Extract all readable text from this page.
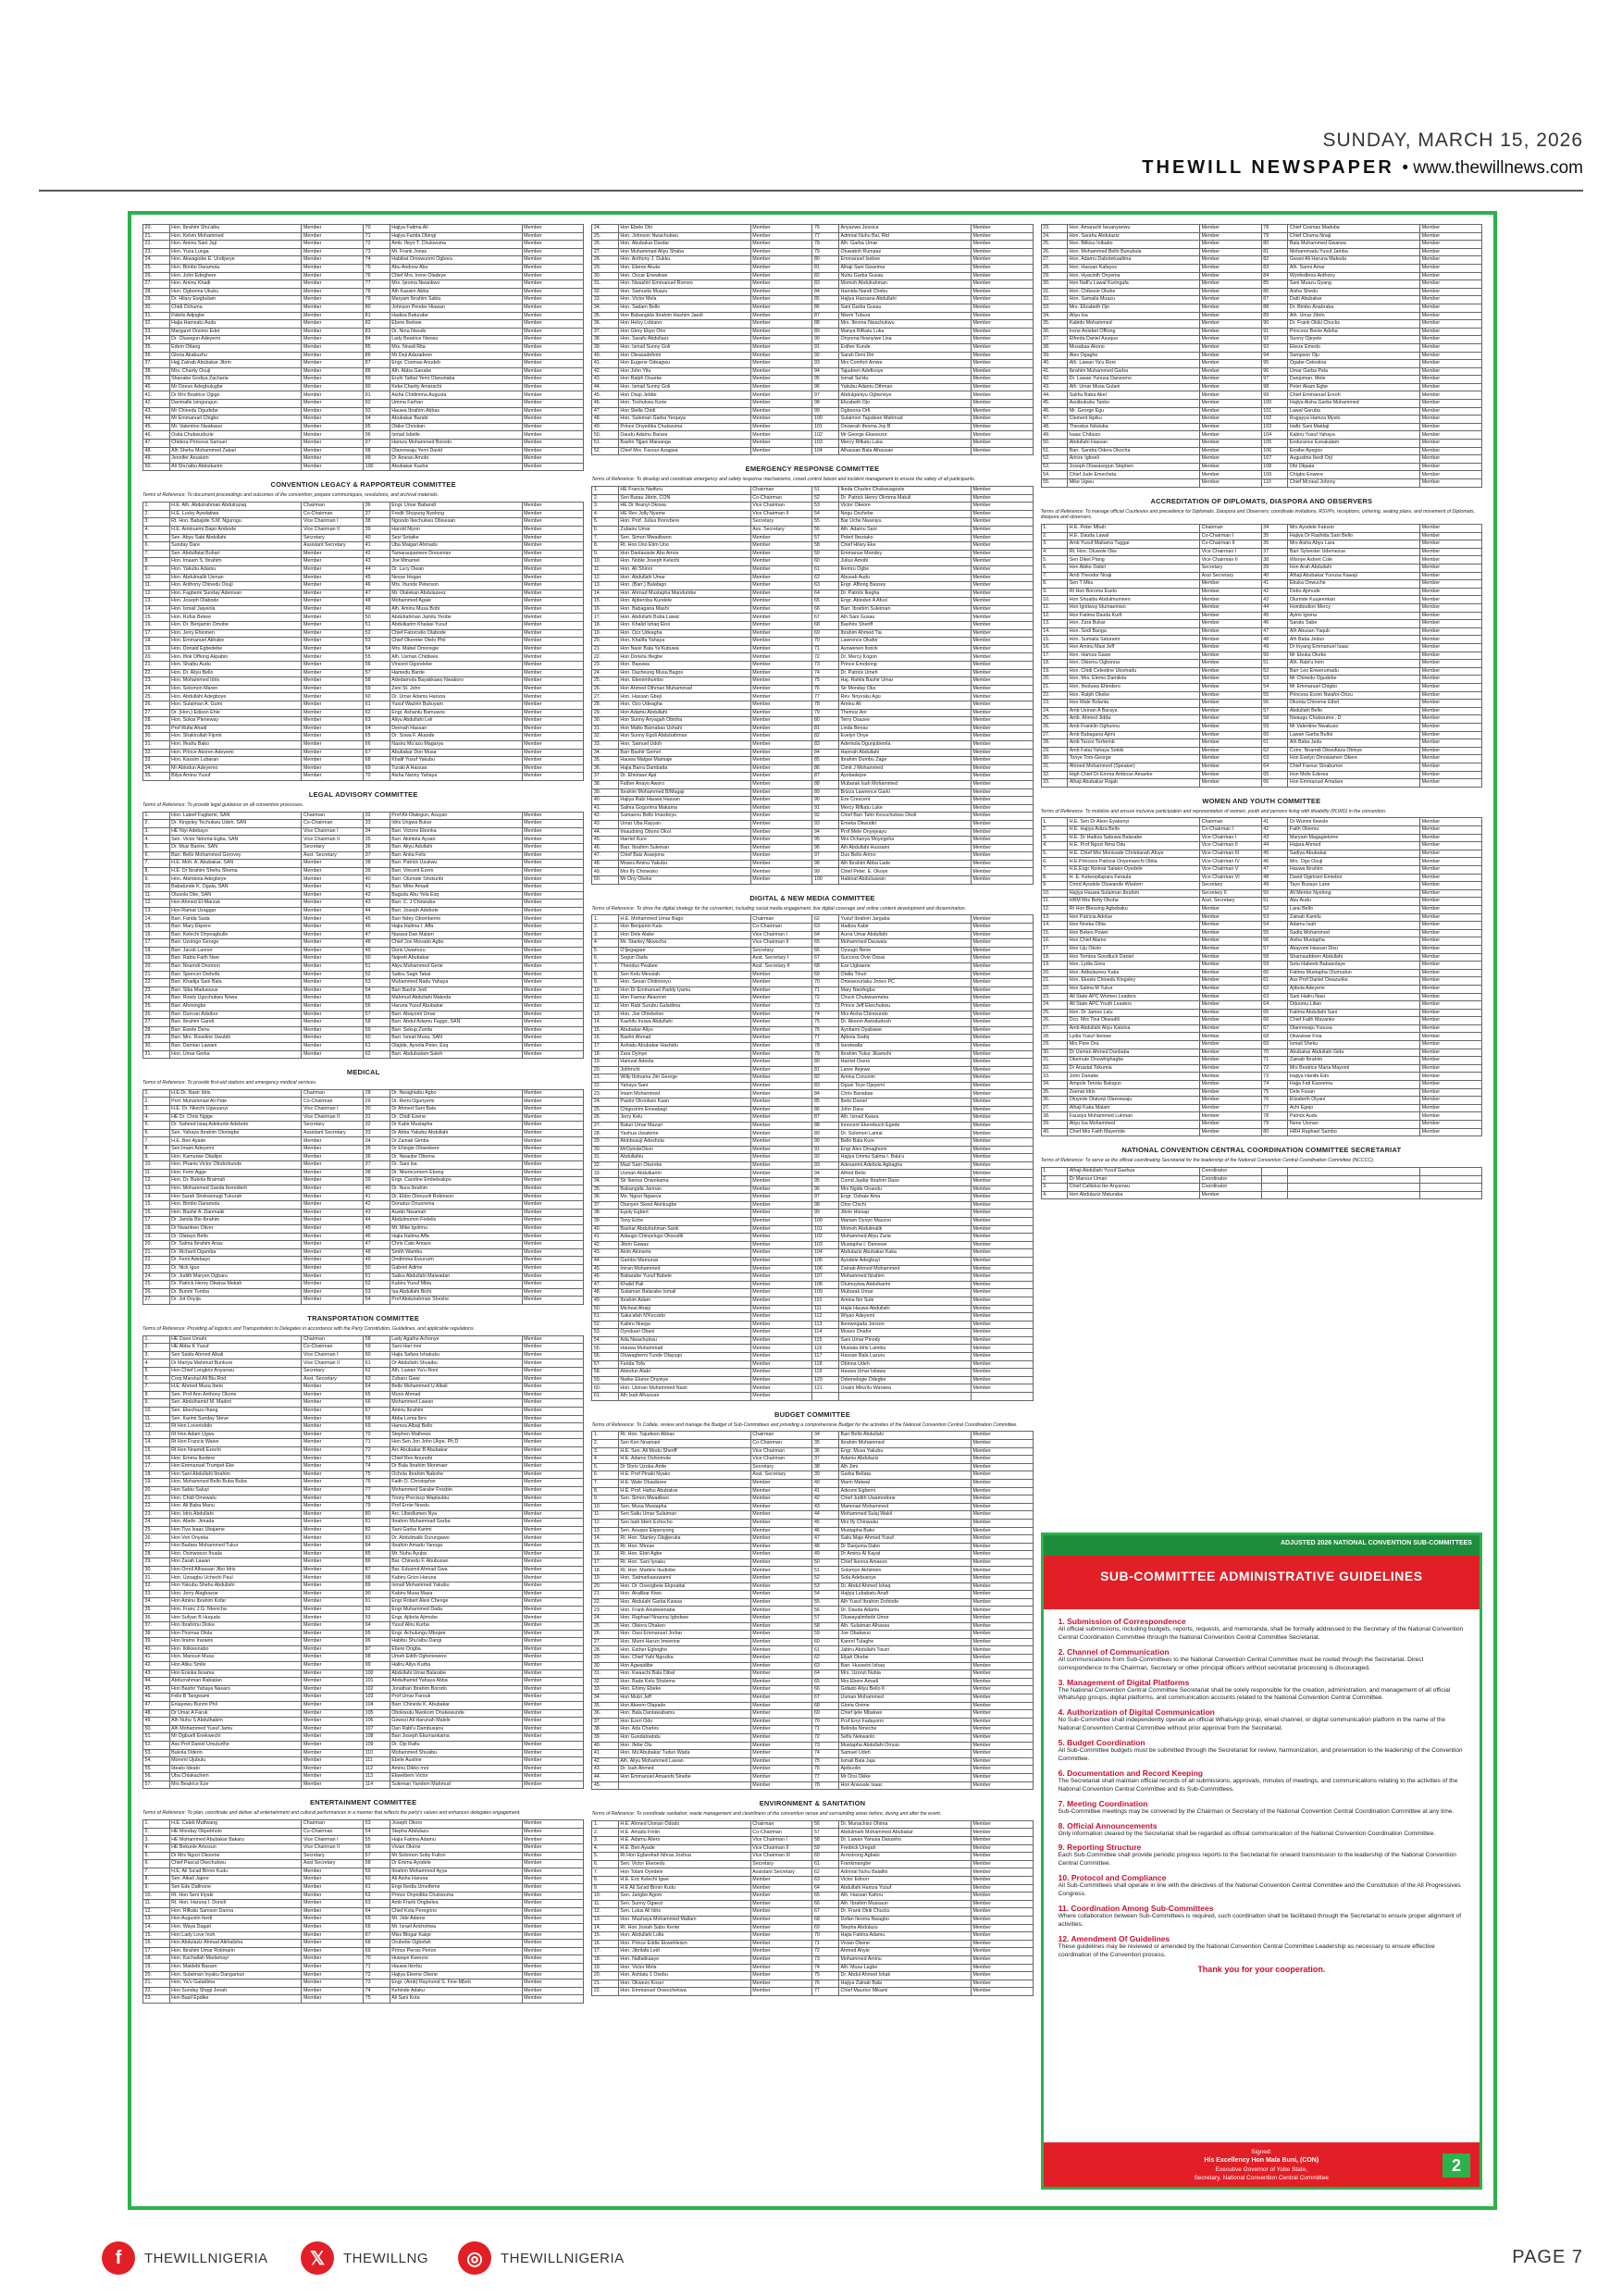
SUNDAY, MARCH 15, 2026
THEWILL NEWSPAPER • www.thewillnews.com
20.	Hon. Ibrahim Shu'aibu	Member	70	Hajiya Fatima Ali	Member
21.	Hon. Kelvin Mohammed	Member	71	Hajiya Farida Obingi	Member
22.	Hon. Aminu Sani Jaji	Member	72	Amb. Ifeyo T. Chukwuma	Member
23.	Hon. Yuza Lunga	Member	73	Mr. Frank Jonas	Member
24.	Hon. Akwagiobe E. Undipeye	Member	74	Habibat Omowunmi Ogbora	Member
25.	Hon. Bimbo Daramola	Member	75	Abu Andrew Abu	Member
26.	Hon. John Edeghere	Member	76	Chief Mrs. Irene Oladeye	Member
27.	Hon. Aminu Khadi	Member	77	Mrs. Ijeoma Nwankwo	Member
28.	Hon. Ogbonna Ukuku	Member	78	Alh Kassim Abba	Member
29.	Dr. Hilary Ewgbulam	Member	79	Maryam Ibrahim Sabiu	Member
30.	Chidi Ochuma	Member	80	Johnson Pender Hiawan	Member
31.	Fidelis Adjogbe	Member	81	Hadiza Baturabe	Member
32.	Hajia Hamsatu Audu	Member	82	Ebere Ibekwe	Member
33.	Margaret Onomo Edet	Member	83	Dr. Nma Nwudo	Member
34.	Dr. Olusegun Adeyemi	Member	84	Lady Beatrice Nwosu	Member
35.	Edem Ottang	Member	85	Mrs. Nnadi Rita	Member
36.	Gloria Akabuzhu	Member	86	Mr Deji Adaradeen	Member
37.	Hajj Zainab Abubakar Jibrin	Member	87	Engr. Cosmas Anudeb	Member
38.	Mrs. Charity Osuji	Member	88	Alh. Abba Ganabe	Member
39.	Shanabe Godiya Zacharia	Member	89	Eruhi Taibat Yemi Olarunlaba	Member
40.	Mr Ozeun Adegbulugbe	Member	90	Keke Charity Amarachi	Member
41.	Dr Mrs Beatrice Ogigo	Member	91	Aisha Chidimma Augusta	Member
42.	Danmalle Isingungun	Member	92	Umma Farhan	Member
43.	Mr Chinedu Ogudebe	Member	93	Hauwa Ibrahim Abbas	Member
44.	Mr Emmanuel Chigbo	Member	94	Abubakar Bande	Member
45.	Mr. Valentino Nwakwuo	Member	95	Okike Christian	Member
46.	Osita Chukwudozie	Member	96	Ismail Isbelle	Member
47.	Chidera Princess Samuel	Member	97	Hamza Mohammed Borodo	Member
48.	Alh Shehu Mohammed Zakari	Member	98	Olanrewaju Yemi David	Member
49.	Jennifer Anusiem	Member	99	Dr Amean Amobi	Member
50.	Ali Shu'aibu Abdulkarim	Member	100	Abubakar Kasha	Member
CONVENTION LEGACY & RAPPORTEUR COMMITTEE
Terms of Reference: To document proceedings and outcomes of the convention; prepare communiques, resolutions, and archival materials.
1.	H.E. Alh. Abdulrahman Abdulrazaq	Chairman	36	Engr. Umar Babandi	Member
2.	H.E. Lucky Ayedatiwa	Co-Chairman	37	Fredit Shuyung Nyelong	Member
3.	Rt. Hon. Babajide S.M. Ngurogu	Vice Chairman I	38	Ngoodo Ikechukwu Obisesan	Member
4.	H.E. Aminuemi Dapo Ambode	Vice Chairman II	39	Harold Niyon	Member
5.	Sen. Abyu Sabi Abdullahi	Secretary	40	Seyi Sotaike	Member
6.	Sunday Dare	Assistant Secretary	41	Uba Maigari Ahmadu	Member
7.	Sen. Abdulfatai Buhari	Member	42	Tamaraupamere Dressman	Member
8.	Hon. Imaam S. Ibrahim	Member	43	Joe Mmamel	Member
9.	Hon. Yakubu Adamu	Member	44	Dr. Lucy Owan	Member
10.	Hon. Abdulmalik Usman	Member	45	Nesse Hogan	Member
11.	Hon. Anthony Chinedu Osuji	Member	46	Mrs. Ihunde Peterson	Member
12.	Hon. Fagbemi Sunday Adenivan	Member	47	Mr. Olalekan Abdulazeez	Member
13.	Hon. Joseph Olabode	Member	48	Mohammed Agaie	Member
14.	Hon. Ismail Jaiyeola	Member	49	Alh. Aminu Musa Bobi	Member
15.	Hon. Rufus Bekee	Member	50	Abdulrahman Jamilu Yeobe	Member
16.	Hon. Dr. Benjamin Omobe	Member	51	Abdulkarim Khalasi Yusuf	Member
17.	Hon. Jerry Ehiomen	Member	52	Chief Fatorcelio Olabode	Member
18.	Hon. Emmanuel Akhabe	Member	53	Chief Okereke Otelo Phil	Member
19.	Hon. Donald Egbedebe	Member	54	Mrs. Mabel Omoregie	Member
20.	Hon. Ifiok Offiong Akpabio	Member	55	Alh. Usman Chidiwes	Member
21.	Hon. Shaibu Audu	Member	56	Vincent Ogorelebe	Member
22.	Hon. Dr. Aliyu Bello	Member	57	Hamedu Barde	Member
23.	Hon. Mohammed Idris	Member	58	Adedamola Bayakkawu Nwakoro	Member
24.	Hon. Solomon Maren	Member	59	Zeni St. John	Member
25.	Hon. Abdullahi Adegboye	Member	60	Dr. Umar Adamu Haruna	Member
26.	Hon. Sulaiman A. Gumi	Member	61	Yusuf Wazirin Bukuyam	Member
27.	Dr. (Hon.) Edison Ehie	Member	62	Engr. Ashantu Bamuwos	Member
28.	Hon. Sokar Pleneway	Member	63	Aliyu Abdullahi Leli	Member
29.	Prof Rufai Ahadi	Member	64	Deenah Hassan	Member
30.	Hon. Shakirullah Fijomi	Member	65	Dr. Sowa F. Akande	Member
31.	Hon. Ifeahu Bako	Member	66	Nasiru Mu'azu Magarya	Member
32.	Hon. Prince Akoren Adeyemi	Member	67	Abubakar Don Musa	Member
33.	Hon. Kassim Lubaran	Member	68	Khalif Yusuf Yakubu	Member
34.	Mr Abiodun Adeyemo	Member	69	Turaki A Hassan	Member
35.	Bilya Aminu Yusuf	Member	70	Aisha Nanny Yahaya	Member
LEGAL ADVISORY COMMITTEE
Terms of Reference: To provide legal guidance on all convention processes.
1.	Hon. Lateef Fagbemi, SAN	Chairman	32	Prof Ali-Olalegun, Asuyan	Member
2.	Dr. Kingsley Tochukwu Udeh, SAN	Co-Chairman	33	Idris Ungwa Bukar	Member
3.	HE Niyi Adebayo	Vice Chairman I	34	Barr. Victore Ebonka	Member
4.	Sen. Victor Ndoma-Egba, SAN	Vice Chairman II	35	Barr. Akintola Ayuan	Member
5.	Dr. Muiz Banire, SAN	Secretary	36	Barr. Aliyu Adullahi	Member
6.	Barr. Bello Mohammed Gorovey	Asst. Secretary	37	Barr. Anita Felix	Member
7.	H.E. Moh. A. Abubakar, SAN	Member	38	Barr. Patrick Uzukwu	Member
8.	H.E. Dr Ibrahim Shehu Shema	Member	39	Barr. Vincent Ezem	Member
9.	Hon. Abimbola Adegbeye	Member	40	Barr. Olumide Shokunbi	Member
10.	Babatunde K. Ogala, SAN	Member	41	Barr. Mike Amadi	Member
11.	Olusola Oke, SAN	Member	42	Bagudu Abu Yela Esq	Member
12.	Hon Ahmed El-Marzuk	Member	43	Barr. C. J Chinwuba	Member
13.	Hon Ramat Uzaggar	Member	44	Barr. Joseph Adebote	Member
14.	Barr. Farida Sada	Member	45	Barr Ndey Obombeme	Member
15.	Barr. Mary Ekpere	Member	46	Hajia Halima I. Affa	Member
16.	Barr. Kelechi Onyeagbulle	Member	47	Nasara Dan Malam	Member
17.	Barr. Uzoingo George	Member	48	Chief Jon Movado Agbo	Member
18.	Barr. Jacob Lanner	Member	49	Doris Uwamuru	Member
19.	Barr. Rabiu Faith Nwe	Member	50	Najeeb Abubakar	Member
20.	Barr. Nnamdi Onomon	Member	51	Aliyu Muhammed Gerie	Member
21.	Barr. Spencer Owhofa	Member	52	Salisu Sagir Takai	Member
22.	Barr. Khadija Sani Bala	Member	53	Muhammed Nadu Yahaya	Member
23.	Barr. Siba Maduewus	Member	54	Barr Bashir Jedi	Member
24.	Barr. Rowly Ugochukwu Nnwa	Member	55	Mahmud Abdullahi Makoda	Member
25.	Barr. Afoiningbo	Member	56	Haruna Yusuf Abubakar	Member
26.	Barr. Duncan Adaibor	Member	57	Barr. Abayomi Umar	Member
27.	Barr. Ibrahim Gandi	Member	58	Barr. Abdul Adamu Faggo, SAN	Member
28.	Barr. Ewete Denu	Member	59	Barr. Sekup Zunita	Member
29.	Barr. Mrs. Roseline Uwubiti	Member	60	Barr. Ismail Musa, SAN	Member
30.	Barr. Damian Lawani	Member	61	Olajide, Ayoola Peter, Esq	Member
31.	Hon. Umar Gerka	Member	62	Barr. Abdulsalam Saleh	Member
MEDICAL
Terms of Reference: To provide first-aid stations and emergency medical services.
1.	H.E.Dr. Nasir Idris	Chairman	28	Dr. Nwaghiabu Agbo	Member
2.	Prof. Muhammad Ali Pate	Co-Chairman	29	Dr. Remi Ogunyemi	Member
3.	H.E. Dr. Nkechi Ugwuanyi	Vice Chairman I	30	Dr Ahmed Sani Bala	Member
4.	HE Dr. Chris Ngige	Vice Chairman II	31	Dr. Chidi Ezene	Member
5.	Dr. Saheed Isiaq Adekunle Adebote	Secretary	32	Dr Kabir Mustapha	Member
6.	Sen. Yahaya Ibrahim Oloriegbe	Assistant Secretary	33	Dr Abba Yakubu Abdullahi	Member
7.	H.E. Ben Ayade	Member	34	Dr Zainab Gimba	Member
8.	Sen.Imam Adeyemi	Member	35	Dr Ehiogie Olowokere	Member
9.	Hon. Kamurwe Oladipo	Member	36	Dr. Nwaube Oboma	Member
10.	Hon. Phanis Victor Ofodorbunde	Member	37	Dr. Sani Isa	Member
11.	Hon. Femi Agge	Member	38	Dr. Nkemcemem Ebong	Member
12.	Hon. Dr. Bukola Braimah	Member	39	Engr. Caroline Embeleakpo	Member
13.	Hon. Mohammed Sanda Ikemiderh	Member	40	Dr. Nura Ibrahim	Member
14.	Hon Sarah Shekwonugi Tukurah	Member	41	Dr. Ebbo Olorusoli Robinson	Member
15.	Hon. Bimbo Daramola	Member	42	Donatus Onuorema	Member
16.	Hon. Bashir A. Danmaiki	Member	43	Austin Nwamah	Member
17.	Dr. Jamila Bio-Ibrahim	Member	44	Abdulmumin Fedelis	Member
18.	Dr Nwankwo Oliver	Member	45	Mr. Mike Igolimu	Member
19.	Dr. Olatayo Bello	Member	46	Hajia Halima Affa	Member
20.	Dr. Salma Ibrahim Anas	Member	47	Chris Cato Amaze	Member
21.	Dr. Richard Ogamba	Member	48	Smith Wambu	Member
22.	Dr. Femi Adebayo	Member	49	Ondimma Ewururm	Member
23.	Dr. Nick Iguo	Member	50	Gabriel Adime	Member
24.	Dr. Judith Maryen Ogbaru	Member	51	Salisu Abdullahi Maiwadan	Member
25.	Dr. Patrick Henry Okwisa Mekah	Member	52	Kabiru Yusuf Mbia	Member
26.	Dr. Bunmi Tumba	Member	53	Isa Abdullahi Bichi	Member
27.	Dr. Jot Onyija	Member	54	Prof Abdulrahman Sheshe	Member
TRANSPORTATION COMMITTEE
Terms of Reference: Providing all logistics and Transportation to Delegates in accordance with the Party Constitution, Guidelines, and applicable regulations.
1.	HE Dave Umahi	Chairman	58	Lady Agatha Achonye	Member
2.	HE Abba K Yusuf	Co-Chairman	59	Sani Hari mni	Member
3.	Sen Saidu Ahmed Alkali	Vice Chairman I	60	Hajia Safara Ishakuku	Member
4.	Dr Mariya Mahmud Bunkure	Vice Chairman II	61	Dr Abdullahi Shuaibu	Member
5.	Hon Chief Longkris Anyanwu	Secretary	62	Alh. Lawan Ya'u Roni	Member
6.	Corp Marshal Ali Biu Rod	Asst. Secretary	63	Zubaru Gwar	Member
7.	H.E. Ahmed Musa Ibeto	Member	64	Bello Mohammed U Alkali	Member
8.	Sen. Prof Ann Anthony Okorie	Member	65	Munir Ahmad	Member
9.	Sen. Abdulhamid M. Madori	Member	66	Mohammed Lawan	Member
10.	Sen. Ekechazu Ihang	Member	67	Aminu Ibrahim	Member
11.	Sen. Karimi Sunday Steve	Member	68	Abba Lema Ibro	Member
12.	Rt Hon Lovertobilo	Member	69	Hamza Albaji Bello	Member
13.	Rt Hon Adam Ugwu	Member	70	Stephen Mathews	Member
14.	Rt Hon Francis Waive	Member	71	Hon Sen Jon John Ukpe, Ph.D	Member
15.	Rt Hon Nnamdi Ezechi	Member	72	Arc Abubakar B Abubakar	Member
16.	Hon. Emma Ikedere	Member	73	Chief Rex Anunobi	Member
17.	Hon Emmanuel Trumpet Eke	Member	74	Dr Bala Ibrahim Monmaer	Member
18.	Hon Sani Abdullahi Ibrahim	Member	75	Ochola Ibrahim Nabohe	Member
19.	Hon. Mohammed Bello Buba Buba	Member	76	Faith O. Christopher	Member
20.	Hon Sabiu Saluyi	Member	77	Mohammed Sarabe Frosbin	Member
21.	Hon. Chidi Omewalu	Member	78	Tonny Preciscp Wapisubiu	Member
22.	Hon. Ali Baba Manu	Member	79	Prof Ernie Nnedu	Member
23.	Hon. Idris Abdullahi	Member	80	Arc. Ubedlumen Nya	Member
24.	Hon. Abefe. Jimada	Member	81	Ibrahim Muhammad Garba	Member
25.	Hon Tiya Isaac Ubajame	Member	82	Sani Garba Karimi	Member
26.	Hon Von Onyeka	Member	83	Dr. Abdulmalik Durungawo	Member
27.	Hon Badaru Mohammed Tukur	Member	84	Ibrahim Amadu Yanoga	Member
28.	Hon. Osinwoezo Ihuala	Member	85	Mr. Nuhu Ayuba	Member
29.	Hon Zarah Lawan	Member	86	Bar. Chinedu F. Abubusan	Member
30.	Hon Ormil Alhassan Jibo Idris	Member	87	Bar. Edusmit Ahmad Gwa	Member
31.	Hon. Uzoagbu Uchechi Paul	Member	88	Kabiru Grizo Haruna	Member
32.	Hon Yakubu Shehu Abdullahi	Member	89	Ismail Mohammed Yakubu	Member
33.	Hon. Jerry Alagbasoe	Member	90	Kabiru Musa Maza	Member
34.	Hon Aminu Ibrahim Kofar	Member	91	Engr Robert Alexi Chenge	Member
35.	Hon. Franc J.G. Nkencha	Member	92	Engr Muhammed Dada	Member
36.	Hon Sufyan B Huquda	Member	93	Engr. Ajibola Ajimobe	Member
37.	Hon Ibrahimu Dioke	Member	94	Yusuf Aliru Kurba	Member
38.	Hon Thomas Olola	Member	95	Engr. Achulungu Mbojwe	Member
39.	Hon Iiramo Iraraeis	Member	96	Habibu Shu'aibu Dangi	Member
40.	Hon. Ikiikwunabo	Member	97	Ebere Ongba	Member
41.	Hon. Mansuri Musa	Member	98	Umeh Edith Oghenewere	Member
42.	Hon Atiku Smile	Member	99	Haliru Aliyu Kurba	Member
43.	Hon Enioka Ikoama	Member	100	Abdullahi Umar Balarabe	Member
44.	Abdurrahman Rabiatan	Member	101	Abdulhamid Yahaya Abba	Member
45.	Hon Bashir Yahaya Nasaro	Member	102	Jonathan Ibrahim Borodo	Member
46.	Felix B Tangwami	Member	103	Prof Umar Farouk	Member
47.	Eniayewu Bunmi Phil	Member	104	Barr. Chinedu K. Abubakar	Member
48.	Dr Umar A Faruk	Member	105	Ohokwutu Nwokom Onukewunde	Member
49.	Alh Nuhu S Abdulhakim	Member	106	Gewezi Ali Harunah Malele	Member
50.	Alh Mohammed Yusuf Jamu	Member	107	Dan Rabi'u Dambusanu	Member
51.	Mr Ogbuefi Enekwechi	Member	108	Barr Joseph Ekumankama	Member
52.	Ass Prof Daniel Umuturthe	Member	109	Dr. Ojo Rafiu	Member
53.	Bukola Oderin	Member	110	Mohammed Shuaibu	Member
54.	Moremi Ujubulu	Member	111	Ebele Austine	Member
55.	Ideato Ideato	Member	112	Aminu Dikko mni	Member
56.	Uba Chiakachem	Member	113	Ekweibem Victor	Member
57.	Mrs Beatrice Eze	Member	114	Suleman Yandem Mahmud	Member
ENTERTAINMENT COMMITTEE
Terms of Reference: To plan, coordinate and deliver all entertainment and cultural performances in a manner that reflects the party's values and enhances delegates engagement.
1.	H.E. Caleb Mutfwang	Chairman	53	Joseph Okoro	Member
2.	HE Monday Okpebholo	Co-Chairman	54	Stepha Abdulazu	Member
3.	HE Mohammed Abubakar Bakaru	Vice Chairman I	55	Hajia Fatima Adamu	Member
4.	HE Bekunle Amosun	Vice Chairman II	56	Vivian Okene	Member
5.	Dr Mrs Ngozi Okoome	Secretary	57	Mr Solomon Soby Fulton	Member
6.	Chief Pascal Okechukwu	Asst Secretary	58	Dr Emma Ayodele	Member
7.	H.E. Ali Sa'ad Birnin Kudu	Member	59	Ibrahim Mohammed Ayya	Member
8.	Sen. Alkali Jajere	Member	60	Ali Aisha Haruna	Member
9.	Sen Ede Dafinone	Member	61	Engr Ikedia Umeifeme	Member
10.	Rt. Hon Seni Iriyaki	Member	62	Prince Onyedika Chukwuma	Member
11.	Rt. Hon. Haruna I. Dorsili	Member	63	Amb Frank Ongbelea	Member
12.	Hon. Rifkatu Samson Danna	Member	64	Chief Kola Peregrino	Member
13.	Hon Augustin Ikedi	Member	65	Mr. Jide Adams	Member
14.	Hon. Waya Dagari	Member	66	Mr. Israel Arichohwa	Member
15.	Hon Lady Love Inoh	Member	67	Miss Blogar Kakpi	Member
16.	Hon Abdulaziz Ahmad Alkhalisha	Member	68	Orubebe Ogbefah	Member
17.	Hon. Ibrahim Umar Rotimarin	Member	69	Prince Perois Perion	Member
18.	Hon. Kachallah Marlamayi	Member	70	Huwaye Kwenos	Member
19.	Hon. Maidebi Basam	Member	71	Hauwa Ikirrbu	Member
20.	Hon. Sulaiman Inyaku Dangamun	Member	72	Hajiya Eleene Okene	Member
21.	Hon. Ya'u Gatadima	Member	73	Engr. (Amb) Raymond S. Fine-Mbeh	Member
22.	Hon Sunday Shagi Jonah	Member	74	Kehinde Adaku	Member
23.	Hon Basil Epdike	Member	75	Ali Sani Kota	Member
24.	Hon Ebele Obi	Member	76	Anyanwu Jessica	Member
25.	Hon. Johnson Nwachukwu	Member	77	Admiral Nuhu Bal, Rtd	Member
26.	Hon. Abubakar Dardar	Member	78	Alh. Garba Umar	Member
27.	Hon Muhammad Aliyu Shaba	Member	79	Oluwatoh Rumpaz	Member
28.	Hon. Anthony J. Dukku	Member	80	Emmanuel Isebee	Member
29.	Hon. Ebene Akuta	Member	81	Alhaji Sani Gwarima	Member
30.	Hon. Oscar Enewkwe	Member	82	Nuhu Garba Gusau	Member
31.	Hon. Nwashiri Emmanuel Romeo	Member	83	Momoh Abdulrahman	Member
32.	Hon. Samuela Muazu	Member	84	Hamida Nandi Chebu	Member
33.	Hon. Victor Mela	Member	85	Hajiya Hassana Abdullahi	Member
34.	Hon. Sadam Bello	Member	86	Sani Garba Gusau	Member
35.	Hon Babangida Ibrahim Hashim Jaedi	Member	87	Nkem Tubura	Member
36.	Hon Helvy Lobiano	Member	88	Mrs. Ifeoma Nwachukwu	Member
37.	Hon Glory Ekpo Ohe	Member	89	Manya Rifkatu Luka	Member
38.	Hon. Sarafu Abdullazz	Member	90	Onyoma Ifeanyiwe Lisa	Member
39.	Hon. Ismail Sunny Goli	Member	91	Esther Kunde	Member
40.	Hon Oleasadefemi	Member	92	Sarah Deni Diri	Member
41.	Hon Eugene Odeagwu	Member	93	Mrs Comfort Amwe	Member
42.	Hon John Yitu	Member	94	Tajudeen Adefisoye	Member
43.	Hon Ralph Osueke	Member	95	Ismail Sa'idu	Member
44.	Hon. Ismail Sunny Goli	Member	96	Yakubu Adamu Othman	Member
45.	Hon Osuji Jebbe	Member	97	Abdulganiyu Ogbeneye	Member
46.	Hon. Tochukwu Korie	Member	98	Elizabeth Ojo	Member
47.	Hon Stella Chidi	Member	99	Ogbonna Orfi	Member
48.	Hon. Suleman Garba Yerqaya	Member	100	Sulaimon Tajudeen Mahmud	Member
49.	Prince Onyedika Chukwuma	Member	101	Onowrah Ifeoma Joy B	Member
50.	Daudu Adamu Barara	Member	102	Mr George Ekweozor	Member
51.	Bashir Tijjani Maisanga	Member	103	Mercy Rifkatu Luka	Member
52.	Chief Mrs. Favour Azagwa	Member	104	Alhassan Bala Alhassan	Member
EMERGENCY RESPONSE COMMITTEE
Terms of Reference: To develop and coordinate emergency and safety response mechanisms, crowd control liaison and incident management to ensure the safety of all participants.
1.	HE Francis Nwifuru	Chairman	51	Ikeda Charles Chukwuagozie	Member
2.	Sen Barau Jibrin, CON	Co-Chairman	52	Dr. Patrick Henry Okmma Matuli	Member
3.	HE Dr Ifeanyi Okowa	Vice Chairman	53	Victor Okeore	Member
4.	HE Rev Jolly Nyame	Vice Chairman II	54	Negu Oschebe	Member
5.	Hon. Prof. Julius Ihonvbere	Secretary	55	Bar Uche Nwaniyu	Member
6.	Zubairu Umar	Ass. Secretary	56	Alh. Adamu Sani	Member
7.	Sen. Simon Mwadkwon	Member	57	Peterl Ibeziako	Member
8.	Rt. Hon Uno Etim Uno	Member	58	Chief Hilary Eke	Member
9.	Hon Danlasaste Abu Amos	Member	59	Emmanue Mondey	Member
10.	Hon. Noble Joseph Kelechi	Member	60	Julius Amobi	Member
11.	Hon. Ali Shinni	Member	61	Ikemru Ogbe	Member
12.	Hon. Abdullahi Umar	Member	62	Abusab Audu	Member
13.	Hon. (Barr.) Balafago	Member	63	Engr. Affiong Bassey	Member
14.	Hon. Ahmad Mustapha Mandumbe	Member	64	Dr. Patrick Ikegha	Member
15.	Hon. Ajiberoba Kundele	Member	65	Engr. Abiodun A Afusi	Member
16.	Hon. Babagana Mashi	Member	66	Barr. Ibrahim Suleiman	Member
17.	Hon. Abdullahi Buba Lawal	Member	67	Alh Sani Gusau	Member
18.	Hon. Khalid Ishaq Ekoi	Member	68	Bashiru Sheriff	Member
19.	Hon. Ozz Udeagha	Member	69	Ibrahim Ahmed Tia	Member
20.	Hon. Khalifa Yahaya	Member	70	Lawrence Okafor	Member
21.	Hon Nasir Bala Ya'Kubuwa	Member	71	Ayowenen Itorick	Member
22.	Hon Dorieta Ifiegbe	Member	72	Dr. Mercy Kogon	Member
23.	Hon. Basuwa	Member	73	Prince Emobong	Member
24.	Hon. Dacheung Musa Bagos	Member	74	Dr. Patrick Umeh	Member
25.	Hon. Ekenimhumbo	Member	75	Haj. Rahila Bashir Umar	Member
26.	Hon Ahmed Othman Muhammad	Member	76	Sir Monday Oke	Member
27.	Hon. Hassan Gbeji	Member	77	Rev. Nnyvuku Agu	Member
28.	Hon. Ozo Udeagha	Member	78	Aminu Ali	Member
29.	Hon Adamu Abdullahi	Member	79	Themoz Ani	Member
30.	Hon Sunny Anyagah Obioha	Member	80	Terry Osazee	Member
31.	Hon Matto Barnabas Ushahi	Member	81	Linda Benas	Member
32.	Hon Sunny Egoli Abdulrahman	Member	82	Evelyn Onye	Member
33.	Hon. Samuel Udoh	Member	83	Ademola Ogunjubemla	Member
34.	Barr Bashir Gemel	Member	84	Hannah Abdullahi	Member
35.	Hauwa Malgwi Maimaje	Member	85	Ibrahim Dumbu Zage	Member
36.	Hajia Barra Dambatta	Member	86	Cimit J Mohammed	Member
37.	Dr. Ehiotase Ajai	Member	87	Ayobadejoe	Member
38.	Father Anayo Aworo	Member	88	Mubarak Isah Mohammed	Member
39.	Ibrahim Mohammed B/Magaji	Member	89	Brizza Lawrence Garki	Member
40.	Hajiya Rabi Hauwa Hassan	Member	90	Eze Crescent	Member
41.	Salma Gogorima Makama	Member	91	Mercy Rifkatu Luke	Member
42.	Samaenu Bello Imaoboyu	Member	92	Chief Barr Tahir Kesuchukwu Okoli	Member
43.	Umar Uba Rayyan	Member	93	Emeka Okwudiri	Member
44.	Imaudoing Obono Okoi	Member	94	Prof Mele Onyejeayu	Member
45.	Harriet Kure	Member	95	Mrs Ochanya Moyegeha	Member
46.	Barr. Ibrahim Suleman	Member	96	Alh Abdullahi Hussaini	Member
47.	Chief Baiz Asaejona	Member	97	Duo Bello Arimo	Member
48.	Moses Aminu Yakubu	Member	98	Alh Ibrahim Abba Lade	Member
49.	Mrs Ify Chinwuko	Member	99	Chief Peter. E. Okoye	Member
50.	Mr Ony Okeke	Member	100	Habinat Abdulsawan	Member
DIGITAL & NEW MEDIA COMMITTEE
Terms of Reference: To drive the digital strategy for the convention, including social media engagement, live digital coverage and online content development and dissemination.
1.	H.E. Mohammed Umar Bago	Chairman	62	Yusuf Ibrahim Jargaba	Member
2.	Hon Benjamin Kalu	Co-Chairman	63	Hadiza Kabir	Member
3.	Hon Dele Alake	Vice Chairman I	64	Aurra Umar Abdullahi	Member
4.	Mr. Stanley Nkwocha	Vice Chairman II	65	Mohammed Dauwalu	Member
5.	O'Ijegagare	Secretary	66	Oyuugo Nene	Member
6.	Segun Dada	Asst. Secretary I	67	Success Ovie Ossai	Member
7.	Theodus Peabee	Asst. Secretary II	68	Eze Ugbaene	Member
8.	Sen Kelu Messiah	Member	69	Olalla Tinuri	Member
9.	Hon. Sesan Olotinneyu	Member	70	Onwuezuriaku Jones PC	Member
10.	Hon Dr Emmanuel Paddy Iyamu	Member	71	Mary Nwofegbu	Member
11.	Hon Favour Akaomm	Member	72	Chuck Chukwuemeka	Member
12.	Hon Rabi Surubu Galadima	Member	73	Prince Jeff Ekechukwu	Member
13.	Hon. Joe Ohiebelen	Member	74	Mrs Aisha Chinwundo	Member
14.	Kashifu Inuwa Abdullahi	Member	75	Dr. Akeem Awiodudosh	Member
15.	Abubakar Aliyu	Member	76	Ayobami Oyabawe	Member
16.	Bashir Ahmad	Member	77	Ajibola Sodiq	Member
17.	Ashiatu Abubakar Hashidu	Member	78	Iseotwalla	Member
18.	Zara Oyinye	Member	79	Ibrahim Tukur Jikamshi	Member
19.	Hamzat Adeola	Member	80	Harriet Osere	Member
20.	Jofrimchi	Member	81	Lanre Ifejewe	Member
21.	Willy Ibimama Jim George	Member	82	Amina Conceim	Member
22.	Yahaya Sani	Member	83	Ogusi Toye Ojeyemi	Member
23.	Imam Mohammed	Member	84	Chris Banabas	Member
24.	Pastor Okonkwo Kaan	Member	85	Ibeto Daniel	Member
25.	Chigozirim Emeabagi	Member	86	John Dara	Member
26.	Jerry Kelu	Member	87	Alh. Ismail Kwara	Member
27.	Baturi Umar Mazari	Member	88	Innocent Ekerebuch Egede	Member
28.	Yashua Uwaleme	Member	89	Dr. Solomon Lamal	Member
29.	Akinbusuji Adeshola	Member	90	Bello Bala Kure	Member
30.	MrOyindeOkon	Member	91	Engr Alex Omaghomi	Member
31.	Abdullahiu	Member	92	Hajiya Ummu Salma I. Bala'u	Member
32.	Mazi Sam Okereke	Member	93	Adesanmi Adebola Agbagha	Member
33.	Usman Abdulkarim	Member	94	Alfred Bello	Member
34.	Sir Ikenna Onwokama	Member	95	Comd Jaafar Ibrahim Daso	Member
35.	Babangida Jarman	Member	96	Mrs Ngide Onaodu	Member
36.	Ms. Ngozi Ngweva	Member	97	Engr. Ozbaie Ama	Member
37.	Otanyen Skeet Akinkugbe	Member	98	Oloo Chichi	Member
38.	Egoly Egbert	Member	99	Jibrin Hisoap	Member
39.	Tony Eche	Member	100	Mariam Oyoyo Mazzoo	Member
40.	Bashar Abdulrahman Sarki	Member	101	Momoh Abdulmalik	Member
41.	Adaugo Chinyelugo Okwudili	Member	102	Mohammed Aliyu Zaria	Member
42.	Jibrin Gawaz	Member	103	Mustapha I. Danvese	Member
43.	Akim Akinsete	Member	104	Abdulaziz Abubakar Kaka	Member
44.	Gambo Mamunai	Member	105	Ayodele Adegbuyi	Member
45.	Imran Mohammed	Member	106	Zainab Ahmed Mohammed	Member
46.	Babarabe Yusuf Babele	Member	107	Mohammed Ibrahim	Member
47.	Khalid Pali	Member	108	Olumuyiwa Abdulkarim	Member
48.	Sulaiman Balarabe Ismail	Member	109	Mubarak Umar	Member
49.	Ibrahim Adam	Member	110	Amina Ibn Sule	Member
50.	Micheal Ahaiji	Member	111	Hajia Hauwa Abdullahi	Member
51.	Saka'afah N'Kecsido	Member	112	Wiyao Adeyemi	Member
52.	Kabiru Nuega	Member	113	Ikenwegada Jonson	Member
53.	Oyoduari Obasi	Member	114	Moses Onafor	Member
54.	Ada Nwachukwu	Member	115	Sani Umar Pinody	Member
55.	Hauwa Muhammad	Member	116	Mustala Idris Lamibu	Member
56.	Oluwagbemi Tunde Olayugo	Member	117	Hassan Bala Lazuru	Member
57.	Farida Tofa	Member	118	Obinna Udeh	Member
58.	Abiodun Alabi	Member	119	Hauwa Umar Isilawa	Member
59.	Nwike Ekene Onyinye	Member	120	Odemelogie Odegbe	Member
60.	Hon. Usman Muhammed Nasir	Member	121	Usaini Mika'ilu Warawa	Member
61.	Alh Isah Alhassan	Member			
BUDGET COMMITTEE
Terms of Reference: To Collate, review and manage the Budget of Sub-Committees and providing a comprehensive Budget for the activities of the National Convention Central Coordination Committee.
1.	Rt. Hon. Tajudeen Abbas	Chairman	34	Barr Bello Abdullahi	Member
2.	Sen Ken Nnamani	Co-Chairman	35	Ibrahim Mohammed	Member
3.	H.E. Sen. Ali Modu Sheriff	Vice Chairman	36	Engr. Musa Yakubu	Member
4.	H.E. Adams Oshiomole	Vice Chairman	37	Adamu Abdulaziz	Member
5.	Dr Doris Uzoka-Anite	Secretary	38	Alh Jimi	Member
6.	H.E. Prof Pinaki Nyako	Asst. Secretary	39	Garba Bellata	Member
7.	H.E. Wale Oluadaree	Member	40	Marin Matwal	Member
8.	H.E. Prof. Hafsu Abubakar	Member	41	Adeomi Egbemi	Member
9.	Sen. Simon Mwadkwo	Member	42	Chief Judith Uwamodone	Member
10.	Sen. Musa Mustapha	Member	43	Mamman Mohammed	Member
11.	Sen Saliu Umar Sulaiman	Member	44	Mohammed Sulaj Wakil	Member
12.	Sen Isah Idem Echocho	Member	45	Mrs Ify Chinwuku	Member
13.	Sen. Asuquo Ekpenyong	Member	46	Mustapha Bako	Member
14.	Rt. Hon. Stanley Olajijeruka	Member	47	Saliu Maje Ahmed Yusuf	Member
15.	Rt. Hon. Mirese	Member	48	Dr Danjuma Dabo	Member
16.	Rt. Hon. Ebiri Agbe	Member	49	Dr Aminu Al Kayat	Member
17.	Rt. Hon. Sani Iyoaku	Member	50	Chief Ikenna Amaeze	Member
18.	Rt. Hon. Martins Ikudiobe	Member	51	Solomon Akhimien	Member
19.	Hon. Satmarkasuwanni	Member	52	Sola Adebusoye	Member
20.	Hon. Dr. Oseogbeie Ekpoattai	Member	53	Dr. Abdul Ahmed Ishaq	Member
21.	Hon. Akalibar Kiwo	Member	54	Hajiya Lubabatu Anafi	Member
22.	Hon. Abdulahi Garba Kwasa	Member	55	Alh Yusuf Ibrahim Dohinde	Member
23.	Hon. Frank Anuikwenaba	Member	56	Dr. Dauda Adamu	Member
24.	Hon. Raphael Nnanna Igbokwe	Member	57	Oluwayatimbebi Umor	Member
25.	Hon. Obiora Ohaken	Member	58	Alh. Sulaiman Alhassa	Member
26.	Hon. Oasi Emmanuel Jorbar	Member	59	Joe Obakwuo	Member
27.	Hon. Mumi Hanzo Imeerine	Member	60	Kanrel Tulaghe	Member
28.	Hon. Esther Eghogho	Member	61	Jabiru Abdullahi Tisuiri	Member
29.	Hon. Chief Yahi Ngozika	Member	62	Elijah Okebe	Member
30.	Hon Agwaidibe	Member	63	Barr. Husseini Ishaq	Member
31.	Hon. Kwaachi Bala Oibal	Member	64	Mrs. Uzonzi Nubia	Member
32.	Hon. Bade Kelu Sholeme	Member	65	Mrs Ebere Amadi	Member
33.	Hon. Ehimy Ebeke	Member	66	Gidado Aliyu Bello K	Member
34.	Hon Mulzi Jeff	Member	67	Usman Mohammed	Member
35.	Hon Akeem Olapade	Member	68	Gloria Onime	Member
36.	Hon. Bala Dantawabamu	Member	69	Chief Ijele Mbakwe	Member
37.	Hon Ezeri Odo	Member	70	Prof Enyi Fadayomi	Member
38.	Hon. Ada Charles	Member	71	Belinda Nmeche	Member
39.	Hon Gundatoabdu	Member	72	Sefiu Nekwanlo	Member
40.	Hon. Ifebe Olu	Member	73	Mustapha Abdullahi Omuiu	Member
41.	Hon. Mu'Abubakar Tudun Wada	Member	74	Samuel Udeh	Member
42.	Alh. Aliyu Mohammed Lawan	Member	75	Ismail Bala Jaja	Member
43.	Dr. Isah Ahmed	Member	76	Ajebuolin	Member
44.	Hon Emmanuel Amaeshi Sinebe	Member	77	Mr Orsi Okike	Member
45.		Member	78	Hon Anwuale Isaac	Member
ENVIRONMENT & SANITATION
Terms of Reference: To coordinate sanitation, waste management and cleanliness of the convention venue and surrounding areas before, during and after the event.
1.	H.E. Ahmed Usman Ododo	Chairman	56	Dr. Munachiso Ohima	Member
2.	H.E. Amadu Fintiri	Co-Chairman	57	Abdulmahi Mohammed Abubakar	Member
3.	H.E. Adamu Aliero	Vice Chairman I	58	Dr. Lawan Yanusa Danzeho	Member
4.	H.E. Ben Ayade	Vice Chairman II	59	Fredrick Uregah	Member
5.	Rt Hon Egbeohah Ikhras Joshua	Vice Chairman III	60	Armstrong Agbalo	Member
6.	Sen. Victor Ekeoedu	Secretary	61	Frankmangbe	Member
7.	Hon Tolani Oyedele	Assistant Secretary	62	Admiral Nuhu Balafilo	Member
8.	H.E. Eric Kelechi Igwe	Member	63	Victor Ednorr	Member
9.	H.E Ali Sa'ad Birnin Kudu	Member	64	Abdullahi Hamza Yusuf	Member
10.	Sen. Jarigbe Agom	Member	65	Alh. Hassan Kaforu	Member
11.	Sen. Sunny Ogaezi	Member	66	Alh. Ibrahim Mussaun	Member
12.	Sen. Lulus Ali Idris	Member	67	Dr. Frank Okiti Chucks	Member
13.	Hon. Mushaya Mohammed Mallam	Member	68	Dofan Ileoma Nwagbo	Member
14.	Rt. Hon Josiah Sabo Kente	Member	69	Stepha Abdulazu	Member
15.	Hon. Abdullahi Lolla	Member	70	Hajia Fatima Adamu	Member
16.	Hon. Prince Eddie Ekwehleism	Member	71	Vivian Okene	Member
17.	Hon. Jibrilafa Ledi	Member	72	Ahmed Ahyie	Member
18.	Hon. Nafiatikaaye	Member	73	Mohammed Aminu	Member
19.	Hon. Victor Mela	Member	74	Alh. Musa Lagbe	Member
20.	Hon. Ashiatu 1 Osebu	Member	75	Dr. Abdul Ahmed Ishak	Member
21.	Hon. Okwezo Kosei	Member	76	Hajiya Zainab Bala	Member
22.	Hon. Emmanuel Onwochekwa	Member	77	Chief Maurice Mikami	Member
23.	Hon. Amarachi Iwuanyanwu	Member	78	Chief Cosmas Maduba	Member
24.	Hon. Sarahu Abdulaziz	Member	79	Chief Chuma Nnaji	Member
25.	Hon. Bilkisu Inibabo	Member	80	Bala Muhammed Gwarwa	Member
26.	Hon. Mohammed Bello Bunubula	Member	81	Mohammadu Yusuf Jamba	Member
27.	Hon. Adamu Dabotetuadima	Member	82	Gwani Ali Haruna Makoda	Member
28.	Hon. Hassan Kafayos	Member	83	Alh. Sanni Amar	Member
29.	Hon. Hyacinth Onyema	Member	84	Wynfedbrou Anthony	Member
30.	Hon Nafi'u Lawal Kuringafa	Member	85	Sani Muazu Gyang	Member
31.	Hon. Chikezie Okeke	Member	86	Aisha Shedu	Member
32.	Hon. Samaila Muazu	Member	87	Datti Abubakar	Member
33.	Mrs. Elizabeth Ojo	Member	88	Dr. Bimbo Anabraba	Member
34.	Aliyu Isa	Member	89	Alh. Umar Jibrin	Member
35.	Kabido Mohammed	Member	90	Dr. Frank Okiki Chucks	Member
36.	Irene Aniebet Offiong	Member	91	Princess Benie Adoha	Member
37.	Elfreda Daniel Asuquo	Member	92	Sunny Ojeyele	Member
38.	Musabaa Akono	Member	93	Ekeze Emedo	Member
39.	Alex Ogaghe	Member	94	Sampson Oju	Member
40.	Alh. Lawan Ya'u Roni	Member	95	Ogabe Celestina	Member
41.	Ibrahim Muhammed Garba	Member	96	Umar Garba Pela	Member
42.	Dr. Lawan Yunusa Danzomo	Member	97	Danjuman. Mele	Member
43.	Alh. Umar Musa Gulani	Member	98	Peter Akam Egbe	Member
44.	Salihu Baba Akel	Member	99	Chief Emmanuel Ereoh	Member
45.	Asuibukubu Tanko	Member	100	Hajiya Aisha Garba Muhammed	Member
46.	Mr. George Egu	Member	101	Lawal Garuba	Member
47.	Clement Ikpiku	Member	102	Rugayya Hamza Mysto	Member
48.	Theodus Nduluba	Member	103	Hafiz Sani Maidaji	Member
49.	Isaac Chibuzo	Member	104	Kabiru Yusuf Yahaya	Member
50.	Abdullahi Hassan	Member	105	Endurance Ezeakalam	Member
51.	Barr. Sandra Odera Okocha	Member	106	Ensibe Ayegoo	Member
52.	Arinze Igboeli	Member	107	Augustine Ikedi Orji	Member
53.	Joseph Oluwasegun Stephen	Member	108	Obi Okpala	Member
54.	Chief Jude Emecheta	Member	109	Chigbo Enwere	Member
55.	Mike Ugwu	Member	110	Chief Mcneal Johnny	Member
ACCREDITATION OF DIPLOMATS, DIASPORA AND OBSERVERS
Terms of Reference: To manage official Courtesies and precedence for Diplomats, Diaspora and Observers; coordinate invitations, RSVPs, receptions, ushering, seating plans, and movement of Diplomats, diaspora and observers.
1.	H.E. Peter Mbah	Chairman	34	Mrs Ayodele Fatusin	Member
2.	H.E. Dauda Lawal	Co-Chairman I	35	Hajiya Dr Rashida Sani Bello	Member
3.	Amb Yusuf Maitama Tuggar	Co-Chairman II	36	Mrs Aisha Abyu Lara	Member
4.	Rt. Hon. Oluwole Oke	Vice Chairman I	37	Barr Sylvester Udemezue	Member
5.	Sen Diket Plang	Vice Chairman II	38	Wisnye Ashret Cole	Member
6.	Hon Abike Dabiri	Secretary	39	Hon Arah Abdullahi	Member
7.	Amb Theodor Nnaji	Asst Secretary	40	Alhaji Abubakar Yunusa Kawaji	Member
8.	Sen T Mbu	Member	41	Ebuka Onwuche	Member
9.	Rt Hon Boroma Eselo	Member	42	Debo Ajimude	Member
10.	Hon Shuaibu Abdulmumeen	Member	43	Olumide Kuujeenkan	Member
11.	Hon Ignitwuy Idumaemwo	Member	44	Homibodion Mercy	Member
12.	Hon Fatima Dauda Kurfi	Member	45	Ayimi Igoma	Member
13.	Hon. Zara Bukar	Member	46	Saratu Sabe	Member
14.	Hon. Sodi Banga	Member	47	Alh Abusan Yaqub	Member
15.	Hon. Sumaila Saturami	Member	48	Alh Baba Jedun	Member
16.	Hon Aminu Masi Jeff	Member	49	Dr Inyang Emmanuel Isaac	Member
17.	Hon. Hamza Gawo	Member	50	Mr Ebuka Okeke	Member
18.	Hon. Okiemu Ogbonna	Member	51	Alh. Rabi'u Inim	Member
19.	Hon. Chidi Celestine Ukomadu	Member	52	Barr Leo Enwerumadu	Member
20.	Hon. Mrs. Elemo Damilola	Member	53	Mr Chinedu Ogudebe	Member
21.	Hon. Ifeoluwa Ehindero	Member	54	Mr Emmanuel Chigbo	Member
22.	Hon. Ralph Okeke	Member	55	Princess Esom Nwafor-Orizu	Member
23.	Hon Wale Bolanta	Member	56	Okonta Chineme Ethel	Member
24.	Amb Usman A Baraya	Member	57	Abdullahi Bello	Member
25.	Amb. Ahmed Jidda	Member	58	Nwaugu Chukwuma , D	Member
26.	Amb Franklin Oghunnu	Member	59	Mr Valentine Nwakuso	Member
27.	Amb Babagana Ajimi	Member	60	Lawan Garba Bulloi	Member
28.	Amb Tarzor Terhemb	Member	61	Alh Baba Jedu	Member
29.	Amb Fatai Yahaya Sekiki	Member	62	Comr. Nnamdi Okwufuiza Obinye	Member
30.	Tonye Tom-George	Member	63	Hon Evelyn Omowamen Okere	Member
31.	Ahmed Mohammed (Speaker)	Member	64	Chief Favour Sinabumor	Member
32.	High Chief Dr Emma Ambose Amaeke	Member	65	Hon Mofe Ederea	Member
33.	Alhaji Abubakar Rajab	Member	66	Hon Emmanuel Amatare	Member
WOMEN AND YOUTH COMMITTEE
Terms of Reference: To mobilize and ensure inclusive participation and representation of women, youth and persons living with disability (PLWD) in the convention.
1.	H.E. Sen Dr Akon Eyakenyi	Chairman	41	Dr Wunmi Ilewole	Member
2.	H.E. Hajiya Adiza Bello	Co-Chairman I	42	Faith Okiemu	Member
3.	H.E. Dr Hadiza Sabuwa Balarabe	Vice Chairman I	43	Maryam Magagielome	Member
4.	H.E. Prof Ngozi Nma Odu	Vice Chairman II	44	Hajara Ahmed	Member
5.	H.E. Chief Mrs Monisade Christianah Afuye	Vice Chairman III	45	Sadiya Abubakar	Member
6.	H.E.Princess Patricia Onyemaechi Obila	Vice Chairman IV	46	Mrs. Ogo Osuji	Member
7.	H.E.Engr Noimat Salako-Oyedele	Vice Chairman V	47	Hauwa Ibrahim	Member
8.	H. E. Kekeopilapara Faraula	Vice Chairman VI	48	David Ogirtram Emiebor	Member
9.	Cmrd Ayodele Oluwande Wisdom	Secretary	49	Tayo Busayo Lane	Member
10.	Hajiya Hauwa Sulaiman Ibrahim	Secretary II	50	Ali Mentor Nyelong	Member
11.	HRM Mrs Betty Okoha	Asst. Secretary	51	Abu Audu	Member
12.	Rt Hon Blessing Agbebaku	Member	52	Larai Bello	Member
13.	Hon Patricia Adolue	Member	53	Zainab Kamilu	Member
14.	Hon Nneka Obia	Member	54	Adamu Isah	Member
15.	Hon Bekes Powei	Member	55	Sadiq Mohammed	Member
16.	Hon Chief Alamo	Member	56	Aisha Mustapha	Member
17.	Hon Uju Okolo	Member	57	Abayomi Hassan Disu	Member
18.	Hon Tombra Goodluck Daniel	Member	58	Shamsuddeen Abdullahi	Member
19.	Hon. Lydia Gora	Member	59	Sotu Habeeb Babasolaye	Member
20.	Hon. Adbulazeez Kaka	Member	60	Fatima Mustapha Olumudun	Member
21.	Hon. Ekezie Chinedu Kingsley	Member	61	Ass Prof Daniel Owazurike	Member
22.	Hon Salma M Tukur	Member	62	Ajibola Adeyemi	Member
23.	All State APC Women Leaders	Member	63	Sani Haliru Nasi	Member
24.	All State APC Youth Leaders	Member	64	Oduomu Lilian	Member
25.	Hon. Dr James Lalu	Member	65	Fatima Abdullahi Sani	Member
26.	Dcn. Mrs Tina Okwudili	Member	66	Chief Faith Mayanko	Member
27.	Amb Abdullahi Aliyu Katsina	Member	67	Olanrewaju Yunusa	Member
28.	Lydia Yusuf Ikenwe	Member	68	Okwukwe Fina	Member
29.	Mrs Pere Ora	Member	69	Ismail Sheku	Member
30.	Dr Usman Ahmed Danbaba	Member	70	Abubakar Abdullahi Gida	Member
31.	Okemute Onowhighagbe	Member	71	Zainab Ibrahim	Member
32.	Dr Anastat Tokumia	Member	72	Mrs Beatrice Maria Mayomi	Member
33.	John Danabe	Member	73	Hajiya Hanifa Edo	Member
34.	Ampole Tenota Balogun	Member	74	Hajja Fati Kazeema	Member
35.	Zeenat Idris	Member	75	Dele Fusan	Member
36.	Oluyede Olatunji Olanrewaju	Member	76	Elizabeth Olyani	Member
37.	Alhaji Kaka Malam	Member	77	Achi Egejo	Member
38.	Fausiya Mohammed Lukman	Member	78	Patrick Audu	Member
39.	Aliyu Isa Mohammed	Member	79	Nene Usman	Member
40.	Chief Mrs Faith Mayemite	Member	80	HRH Raphael Sambo	Member
NATIONAL CONVENTION CENTRAL COORDINATION COMMITTEE SECRETARIAT
Terms of Reference: To serve as the official coordinating Secretariat for the leadership of the National Convention Central Coordination Committee (NCCCC).
1.	Alhaji Abdullahi Yusuf Gashua	Coordinator			
2.	Dr Mansur Liman	Coordinator			
3.	Chief Callistus Ike Anyanwu	Coordinator			
4.	Hon Abdulaziz Maturaba	Member			
ADJUSTED 2026 NATIONAL CONVENTION SUB-COMMITTEES
SUB-COMMITTEE ADMINISTRATIVE GUIDELINES
1. Submission of Correspondence
All official submissions, including budgets, reports, requests, and memoranda, shall be formally addressed to the Secretary of the National Convention Central Coordination Committee through the National Convention Central Committee Secretariat.
2. Channel of Communication
All communications from Sub-Committees to the National Convention Central Committee must be routed through the Secretariat. Direct correspondence to the Chairman, Secretary or other principal officers without secretariat processing is discouraged.
3. Management of Digital Platforms
The National Convention Central Committee Secretariat shall be solely responsible for the creation, administration, and management of all official WhatsApp groups, digital platforms, and communication accounts related to the National Convention Central Committee.
4. Authorization of Digital Communication
No Sub-Committee shall independently operate an official WhatsApp group, email channel, or digital communication platform in the name of the National Convention Central Committee without prior approval from the Secretariat.
5. Budget Coordination
All Sub-Committee budgets must be submitted through the Secretariat for review, harmonization, and presentation to the leadership of the Convention Committee.
6. Documentation and Record Keeping
The Secretariat shall maintain official records of all submissions, approvals, minutes of meetings, and communications relating to the activities of the National Convention Central Committee and its Sub-Committees.
7. Meeting Coordination
Sub-Committee meetings may be convened by the Chairman or Secretary of the National Convention Central Coordination Committee at any time.
8. Official Announcements
Only information cleared by the Secretariat shall be regarded as official communication of the National Convention Coordination Committee.
9. Reporting Structure
Each Sub-Committee shall provide periodic progress reports to the Secretariat for onward transmission to the leadership of the National Convention Central Committee.
10. Protocol and Compliance
All Sub-Committees shall operate in line with the directives of the National Convention Central Committee and the Constitution of the All Progressives Congress.
11. Coordination Among Sub-Committees
Where collaboration between Sub-Committees is required, such coordination shall be facilitated through the Secretariat to ensure proper alignment of activities.
12. Amendment Of Guidelines
These guidelines may be reviewed or amended by the National Convention Central Committee Leadership as necessary to ensure effective coordination of the Convention process.
Thank you for your cooperation.
Signed:
His Excellency Hon Mala Buni, (CON)
Executive Governor of Yobe State,
Secretary, National Convention Central Committee
2
f	THEWILLNIGERIA	𝕏	THEWILLNG	◎	THEWILLNIGERIA	PAGE 7
